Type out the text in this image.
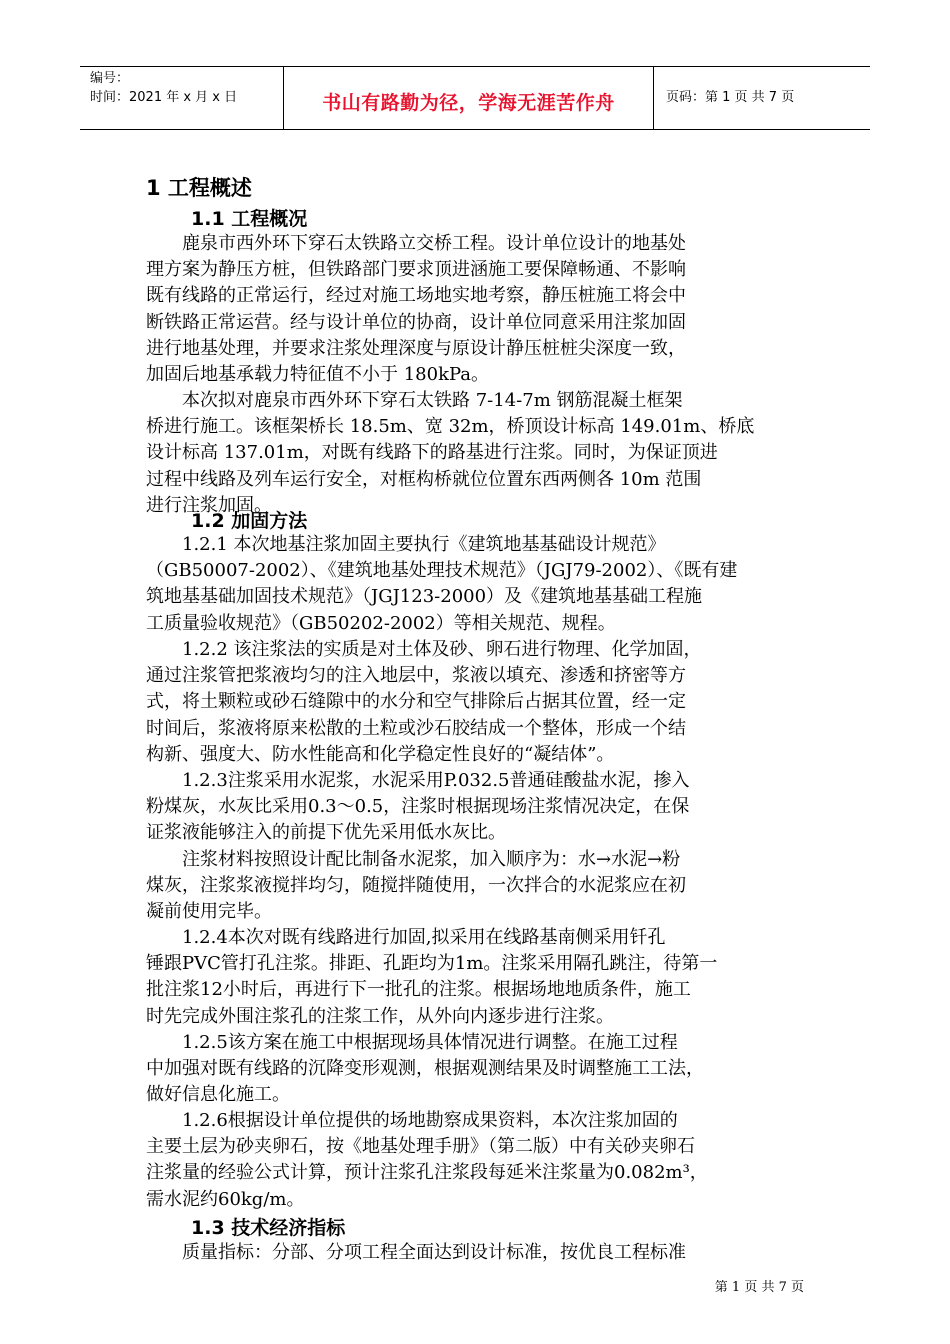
编号：
时间：2021 年 x 月 x 日	书山有路勤为径，学海无涯苦作舟	页码：第 1 页 共 7 页
1 工程概述
1.1 工程概况
　　鹿泉市西外环下穿石太铁路立交桥工程。设计单位设计的地基处
理方案为静压方桩，但铁路部门要求顶进涵施工要保障畅通、不影响
既有线路的正常运行，经过对施工场地实地考察，静压桩施工将会中
断铁路正常运营。经与设计单位的协商，设计单位同意采用注浆加固
进行地基处理，并要求注浆处理深度与原设计静压桩桩尖深度一致，
加固后地基承载力特征值不小于 180kPa。
　　本次拟对鹿泉市西外环下穿石太铁路 7-14-7m 钢筋混凝土框架
桥进行施工。该框架桥长 18.5m、宽 32m，桥顶设计标高 149.01m、桥底
设计标高 137.01m，对既有线路下的路基进行注浆。同时，为保证顶进
过程中线路及列车运行安全，对框构桥就位位置东西两侧各 10m 范围
进行注浆加固。
1.2 加固方法
　　1.2.1 本次地基注浆加固主要执行《建筑地基基础设计规范》
（GB50007-2002）、《建筑地基处理技术规范》（JGJ79-2002）、《既有建
筑地基基础加固技术规范》（JGJ123-2000）及《建筑地基基础工程施
工质量验收规范》（GB50202-2002）等相关规范、规程。
　　1.2.2 该注浆法的实质是对土体及砂、卵石进行物理、化学加固，
通过注浆管把浆液均匀的注入地层中，浆液以填充、渗透和挤密等方
式，将土颗粒或砂石缝隙中的水分和空气排除后占据其位置，经一定
时间后，浆液将原来松散的土粒或沙石胶结成一个整体，形成一个结
构新、强度大、防水性能高和化学稳定性良好的“凝结体”。
　　1.2.3注浆采用水泥浆，水泥采用P.032.5普通硅酸盐水泥，掺入
粉煤灰，水灰比采用0.3～0.5，注浆时根据现场注浆情况决定，在保
证浆液能够注入的前提下优先采用低水灰比。
　　注浆材料按照设计配比制备水泥浆，加入顺序为：水→水泥→粉
煤灰，注浆浆液搅拌均匀，随搅拌随使用，一次拌合的水泥浆应在初
凝前使用完毕。
　　1.2.4本次对既有线路进行加固,拟采用在线路基南侧采用钎孔
锤跟PVC管打孔注浆。排距、孔距均为1m。注浆采用隔孔跳注，待第一
批注浆12小时后，再进行下一批孔的注浆。根据场地地质条件，施工
时先完成外围注浆孔的注浆工作，从外向内逐步进行注浆。
　　1.2.5该方案在施工中根据现场具体情况进行调整。在施工过程
中加强对既有线路的沉降变形观测，根据观测结果及时调整施工工法，
做好信息化施工。
　　1.2.6根据设计单位提供的场地勘察成果资料，本次注浆加固的
主要土层为砂夹卵石，按《地基处理手册》（第二版）中有关砂夹卵石
注浆量的经验公式计算，预计注浆孔注浆段每延米注浆量为0.082m³，
需水泥约60kg/m。
1.3 技术经济指标
　　质量指标：分部、分项工程全面达到设计标准，按优良工程标准
第 1 页 共 7 页
